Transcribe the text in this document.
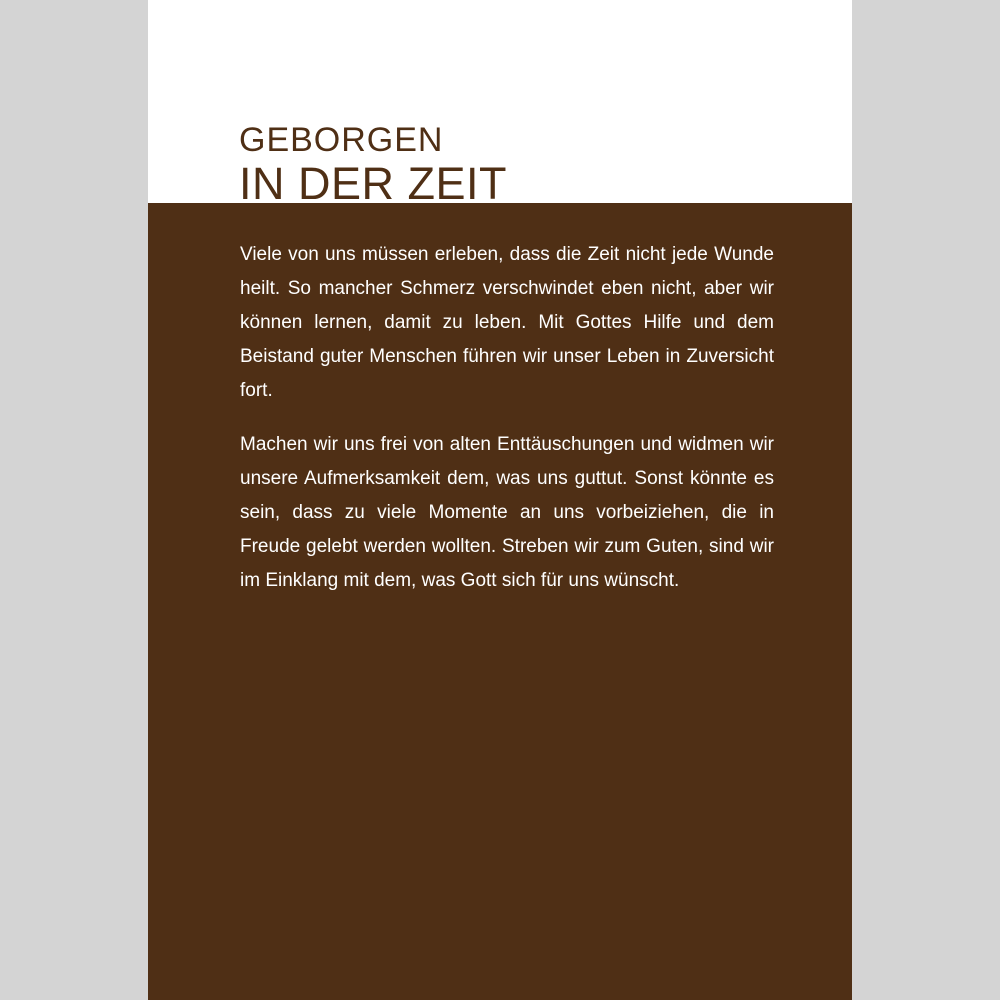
GEBORGEN
IN DER ZEIT

Viele von uns müssen erleben, dass die Zeit nicht jede Wunde heilt. So mancher Schmerz verschwindet eben nicht, aber wir können lernen, damit zu leben. Mit Gottes Hilfe und dem Beistand guter Menschen führen wir unser Leben in Zuversicht fort.

Machen wir uns frei von alten Enttäuschungen und widmen wir unsere Aufmerksamkeit dem, was uns guttut. Sonst könnte es sein, dass zu viele Momente an uns vorbeiziehen, die in Freude gelebt werden wollten. Streben wir zum Guten, sind wir im Einklang mit dem, was Gott sich für uns wünscht.
